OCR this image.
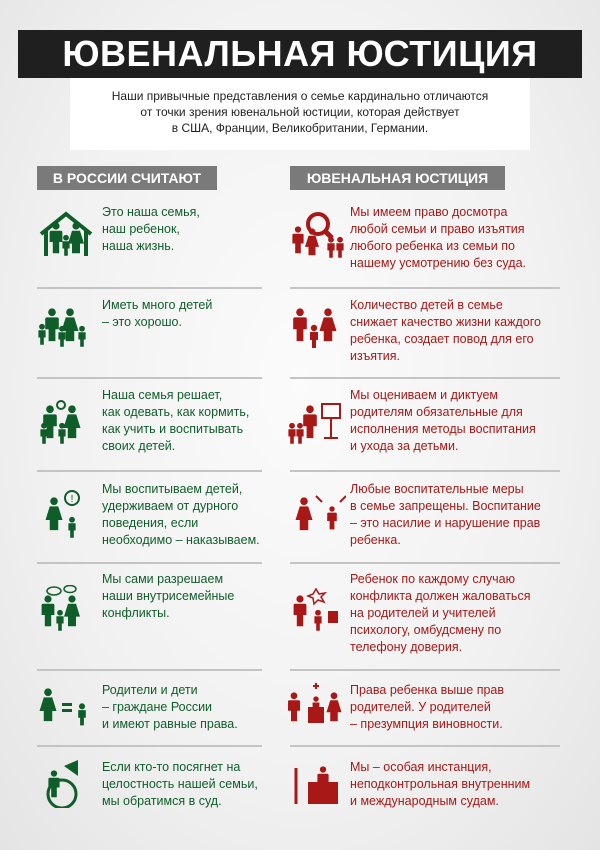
ЮВЕНАЛЬНАЯ ЮСТИЦИЯ
Наши привычные представления о семье кардинально отличаются
от точки зрения ювенальной юстиции, которая действует
в США, Франции, Великобритании, Германии.
В РОССИИ СЧИТАЮТ	ЮВЕНАЛЬНАЯ ЮСТИЦИЯ
Это наша семья,
наш ребенок,
наша жизнь.
Мы имеем право досмотра
любой семьи и право изъятия
любого ребенка из семьи по
нашему усмотрению без суда.
Иметь много детей
– это хорошо.
Количество детей в семье
снижает качество жизни каждого
ребенка, создает повод для его
изъятия.
Наша семья решает,
как одевать, как кормить,
как учить и воспитывать
своих детей.
Мы оцениваем и диктуем
родителям обязательные для
исполнения методы воспитания
и ухода за детьми.
!
Мы воспитываем детей,
удерживаем от дурного
поведения, если
необходимо – наказываем.
Любые воспитательные меры
в семье запрещены. Воспитание
– это насилие и нарушение прав
ребенка.
Мы сами разрешаем
наши внутрисемейные
конфликты.
Ребенок по каждому случаю
конфликта должен жаловаться
на родителей и учителей
психологу, омбудсмену по
телефону доверия.
Родители и дети
– граждане России
и имеют равные права.
Права ребенка выше прав
родителей. У родителей
– презумпция виновности.
Если кто-то посягнет на
целостность нашей семьи,
мы обратимся в суд.
Мы – особая инстанция,
неподконтрольная внутренним
и международным судам.
